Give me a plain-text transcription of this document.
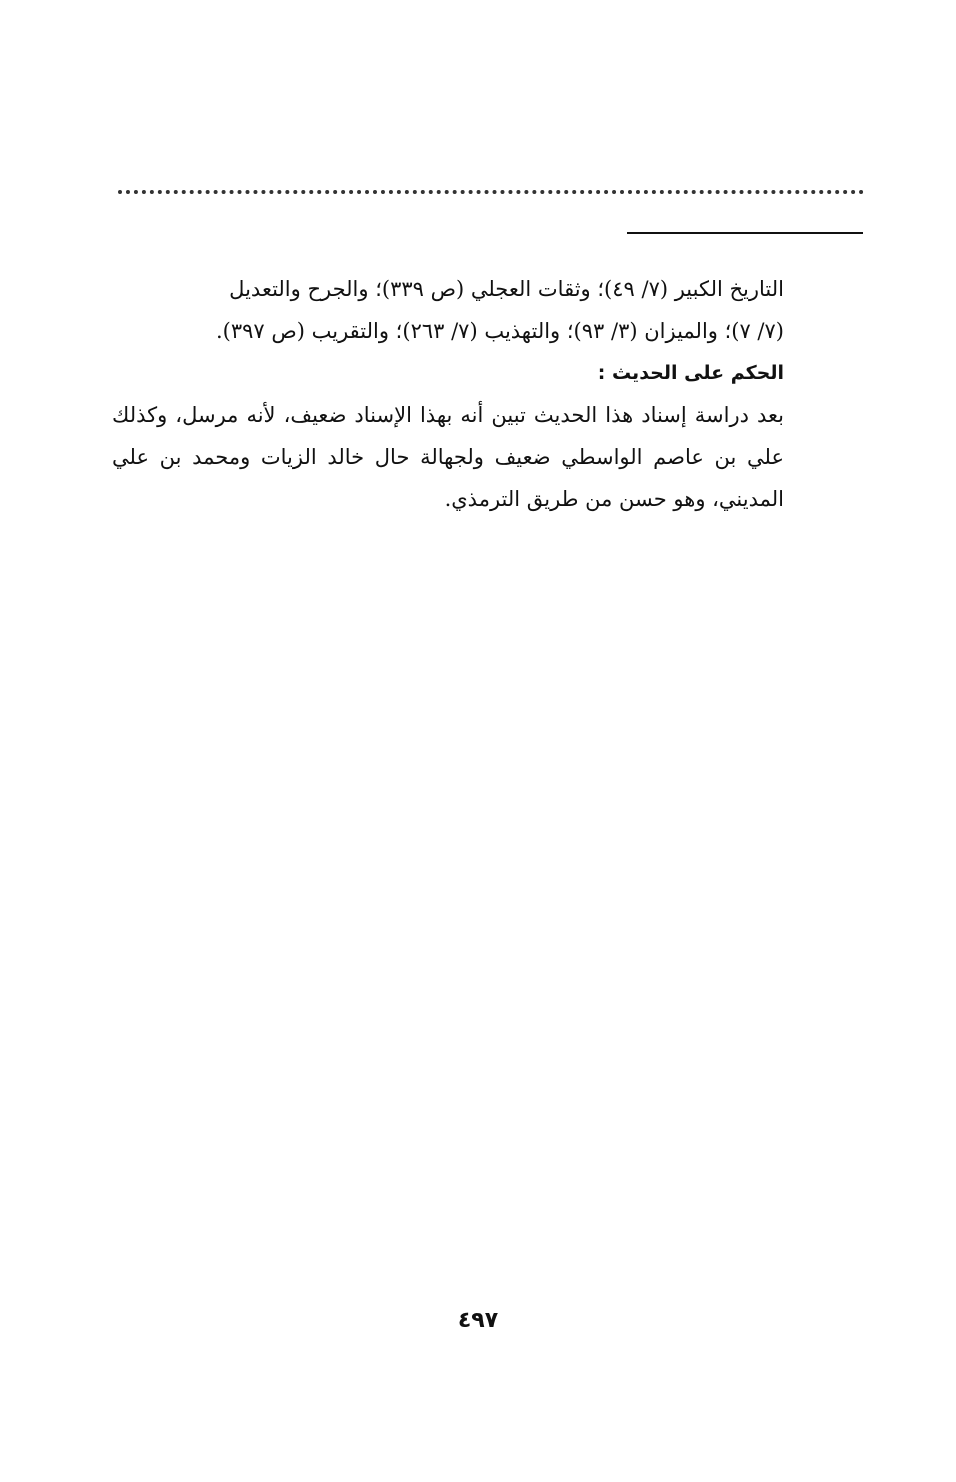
التاريخ الكبير (٧/ ٤٩)؛ وثقات العجلي (ص ٣٣٩)؛ والجرح والتعديل

(٧/ ٧)؛ والميزان (٣/ ٩٣)؛ والتهذيب (٧/ ٢٦٣)؛ والتقريب (ص ٣٩٧).

الحكم على الحديث :

بعد دراسة إسناد هذا الحديث تبين أنه بهذا الإسناد ضعيف، لأنه مرسل، وكذلك علي بن عاصم الواسطي ضعيف ولجهالة حال خالد الزيات ومحمد بن علي المديني، وهو حسن من طريق الترمذي.

٤٩٧
